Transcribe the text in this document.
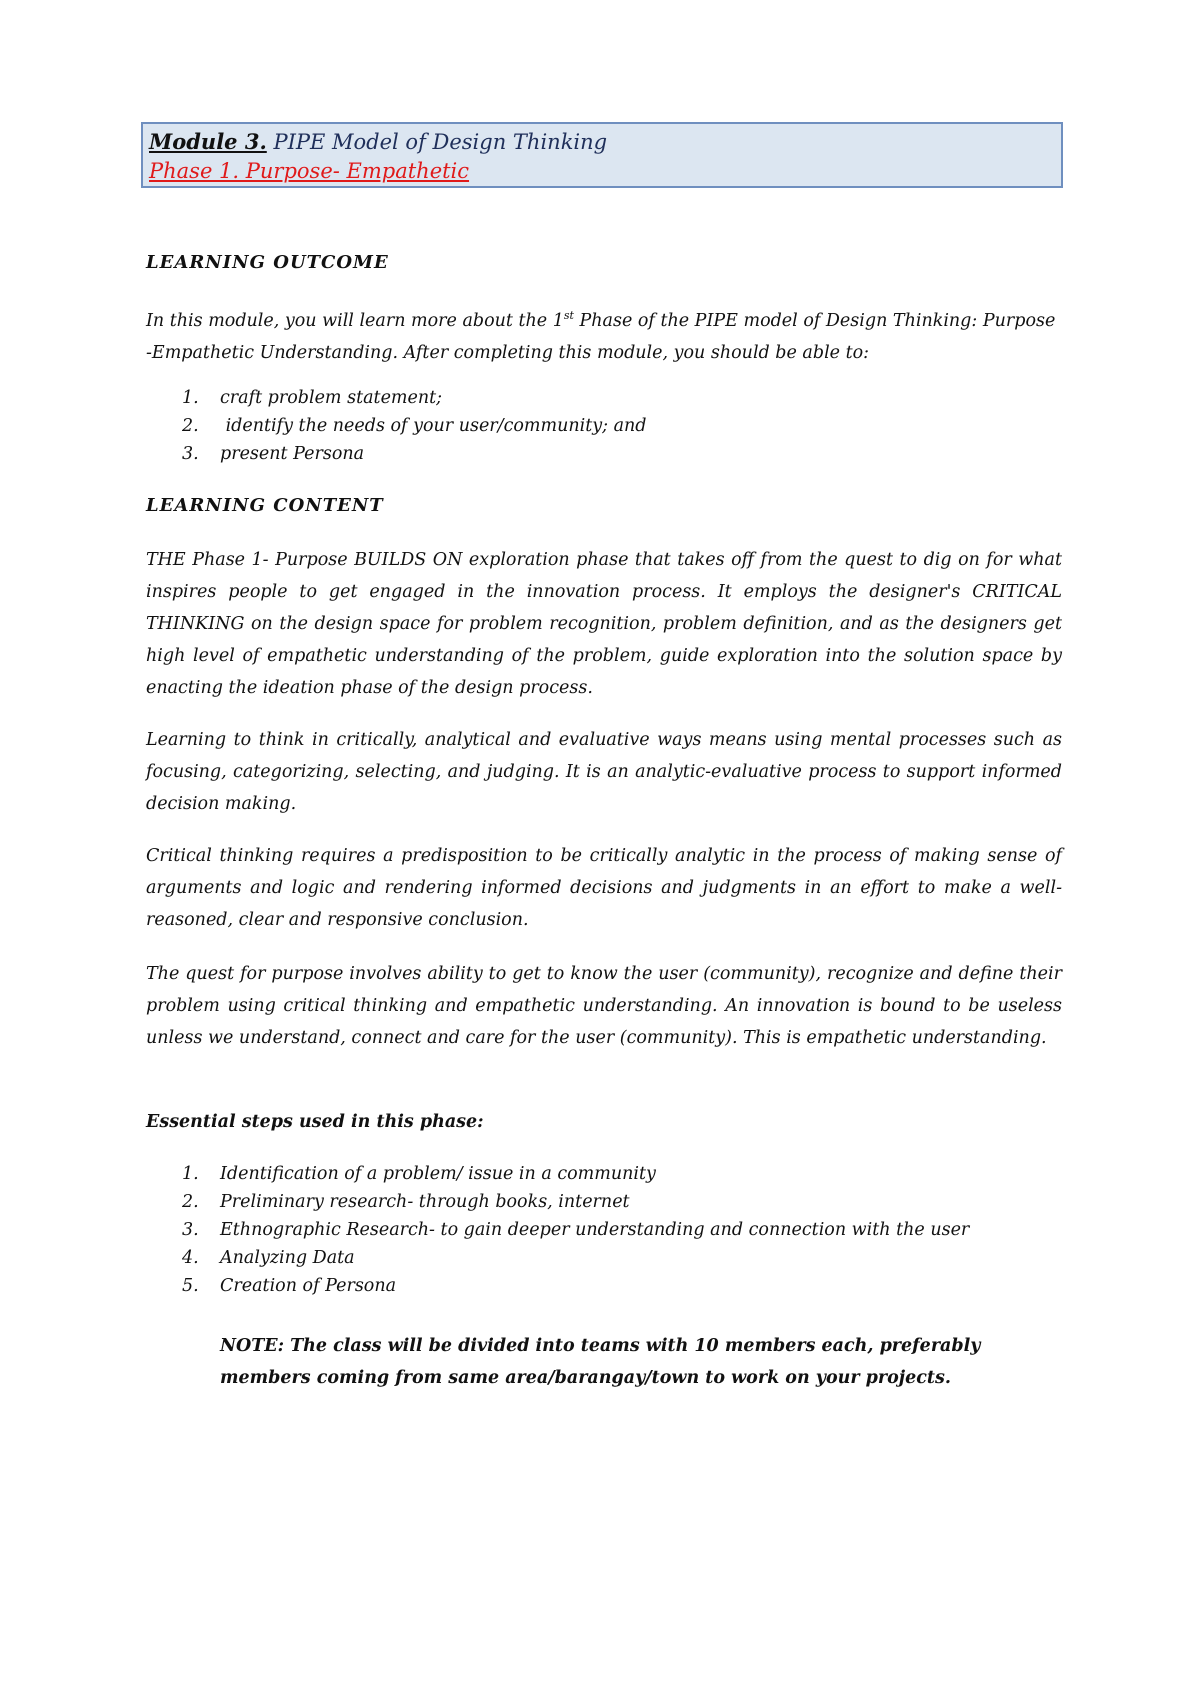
Module 3. PIPE Model of Design Thinking
Phase 1. Purpose- Empathetic
LEARNING OUTCOME
In this module, you will learn more about the 1st Phase of the PIPE model of Design Thinking: Purpose -Empathetic Understanding. After completing this module, you should be able to:
1.	craft problem statement;
2.	identify the needs of your user/community; and
3.	present Persona
LEARNING CONTENT
THE Phase 1- Purpose BUILDS ON exploration phase that takes off from the quest to dig on for what inspires people to get engaged in the innovation process. It employs the designer's CRITICAL THINKING on the design space for problem recognition, problem definition, and as the designers get high level of empathetic understanding of the problem, guide exploration into the solution space by enacting the ideation phase of the design process.
Learning to think in critically, analytical and evaluative ways means using mental processes such as focusing, categorizing, selecting, and judging. It is an analytic-evaluative process to support informed decision making.
Critical thinking requires a predisposition to be critically analytic in the process of making sense of arguments and logic and rendering informed decisions and judgments in an effort to make a well-reasoned, clear and responsive conclusion.
The quest for purpose involves ability to get to know the user (community), recognize and define their problem using critical thinking and empathetic understanding. An innovation is bound to be useless unless we understand, connect and care for the user (community). This is empathetic understanding.
Essential steps used in this phase:
1.	Identification of a problem/ issue in a community
2.	Preliminary research- through books, internet
3.	Ethnographic Research- to gain deeper understanding and connection with the user
4.	Analyzing Data
5.	Creation of Persona
NOTE: The class will be divided into teams with 10 members each, preferably members coming from same area/barangay/town to work on your projects.
